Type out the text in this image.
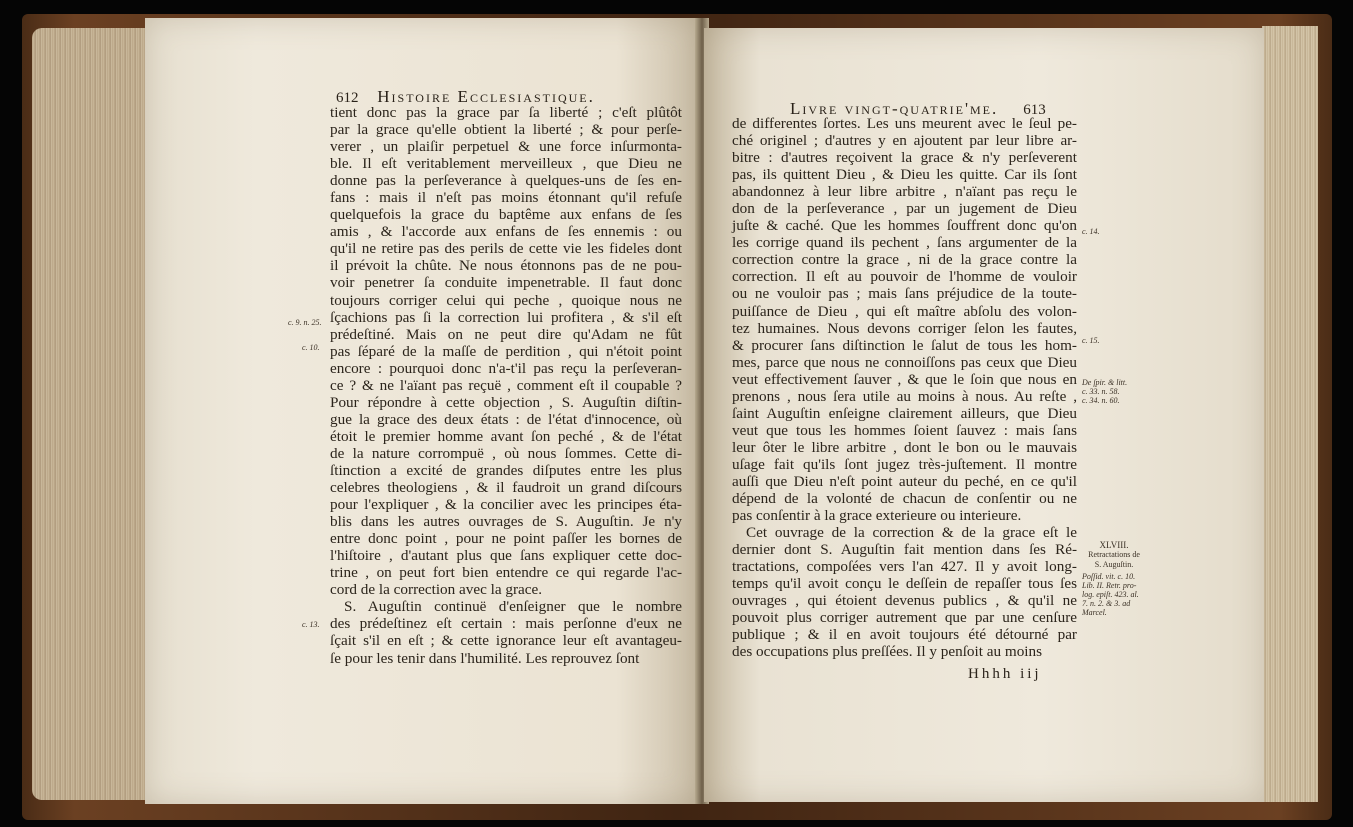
612 Histoire Ecclesiastique.
tient donc pas la grace par ſa liberté ; c'eſt plûtôt
par la grace qu'elle obtient la liberté ; & pour perſe-
verer , un plaiſir perpetuel & une force inſurmonta-
ble. Il eſt veritablement merveilleux , que Dieu ne
donne pas la perſeverance à quelques-uns de ſes en-
fans : mais il n'eſt pas moins étonnant qu'il refuſe
quelquefois la grace du baptême aux enfans de ſes
amis , & l'accorde aux enfans de ſes ennemis : ou
qu'il ne retire pas des perils de cette vie les fideles dont
il prévoit la chûte. Ne nous étonnons pas de ne pou-
voir penetrer ſa conduite impenetrable. Il faut donc
toujours corriger celui qui peche , quoique nous ne
ſçachions pas ſi la correction lui profitera , & s'il eſt
prédeſtiné. Mais on ne peut dire qu'Adam ne fût
pas ſéparé de la maſſe de perdition , qui n'étoit point
encore : pourquoi donc n'a-t'il pas reçu la perſeveran-
ce ? & ne l'aïant pas reçuë , comment eſt il coupable ?
Pour répondre à cette objection , S. Auguſtin diſtin-
gue la grace des deux états : de l'état d'innocence, où
étoit le premier homme avant ſon peché , & de l'état
de la nature corrompuë , où nous ſommes. Cette di-
ſtinction a excité de grandes diſputes entre les plus
celebres theologiens , & il faudroit un grand diſcours
pour l'expliquer , & la concilier avec les principes éta-
blis dans les autres ouvrages de S. Auguſtin. Je n'y
entre donc point , pour ne point paſſer les bornes de
l'hiſtoire , d'autant plus que ſans expliquer cette doc-
trine , on peut fort bien entendre ce qui regarde l'ac-
cord de la correction avec la grace.
S. Auguſtin continuë d'enſeigner que le nombre
des prédeſtinez eſt certain : mais perſonne d'eux ne
ſçait s'il en eſt ; & cette ignorance leur eſt avantageu-
ſe pour les tenir dans l'humilité. Les reprouvez ſont
c. 9. n. 25.
c. 10.
c. 13.
Livre vingt-quatrie'me. 613
de differentes ſortes. Les uns meurent avec le ſeul pe-
ché originel ; d'autres y en ajoutent par leur libre ar-
bitre : d'autres reçoivent la grace & n'y perſeverent
pas, ils quittent Dieu , & Dieu les quitte. Car ils ſont
abandonnez à leur libre arbitre , n'aïant pas reçu le
don de la perſeverance , par un jugement de Dieu
juſte & caché. Que les hommes ſouffrent donc qu'on
les corrige quand ils pechent , ſans argumenter de la
correction contre la grace , ni de la grace contre la
correction. Il eſt au pouvoir de l'homme de vouloir
ou ne vouloir pas ; mais ſans préjudice de la toute-
puiſſance de Dieu , qui eſt maître abſolu des volon-
tez humaines. Nous devons corriger ſelon les fautes,
& procurer ſans diſtinction le ſalut de tous les hom-
mes, parce que nous ne connoiſſons pas ceux que Dieu
veut effectivement ſauver , & que le ſoin que nous en
prenons , nous ſera utile au moins à nous. Au reſte ,
ſaint Auguſtin enſeigne clairement ailleurs, que Dieu
veut que tous les hommes ſoient ſauvez : mais ſans
leur ôter le libre arbitre , dont le bon ou le mauvais
uſage fait qu'ils ſont jugez très-juſtement. Il montre
auſſi que Dieu n'eſt point auteur du peché, en ce qu'il
dépend de la volonté de chacun de conſentir ou ne
pas conſentir à la grace exterieure ou interieure.
Cet ouvrage de la correction & de la grace eſt le
dernier dont S. Auguſtin fait mention dans ſes Ré-
tractations, compoſées vers l'an 427. Il y avoit long-
temps qu'il avoit conçu le deſſein de repaſſer tous ſes
ouvrages , qui étoient devenus publics , & qu'il ne
pouvoit plus corriger autrement que par une cenſure
publique ; & il en avoit toujours été détourné par
des occupations plus preſſées. Il y penſoit au moins
c. 14.
c. 15.
De ſpir. & litt.
c. 33. n. 58.
c. 34. n. 60.
XLVIII.
Retractations de
S. Auguſtin.
Poſſid. vit. c. 10.
Lib. II. Retr. pro-
log. epiſt. 423. al.
7. n. 2. & 3. ad
Marcel.
Hhhh iij
